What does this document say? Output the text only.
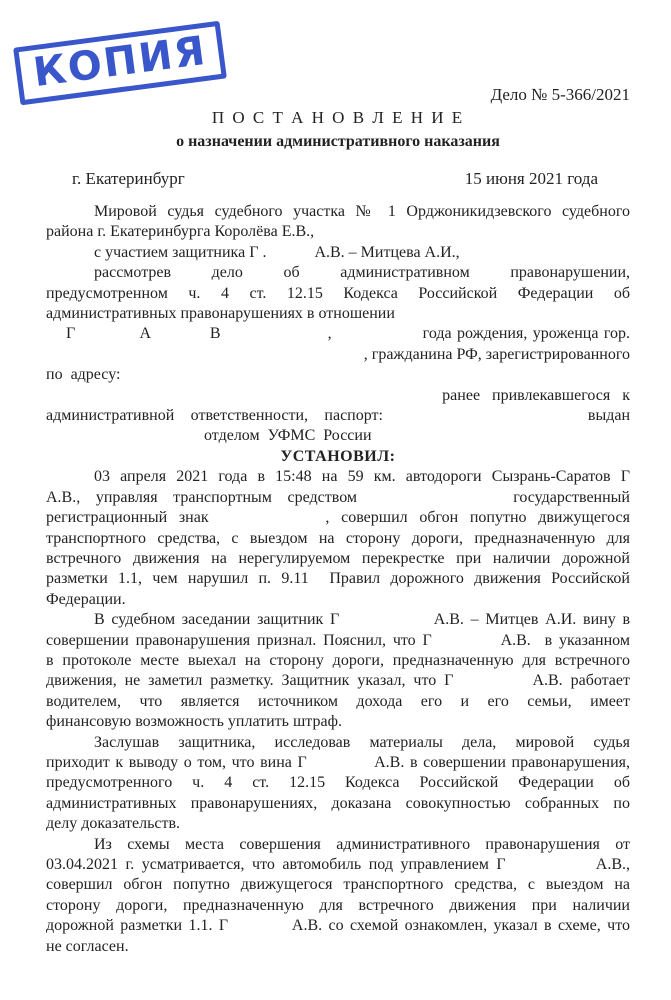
КОПИЯ	Дело № 5-366/2021
П О С Т А Н О В Л Е Н И Е
о назначении административного наказания
г. Екатеринбург	15 июня 2021 года
Мировой судья судебного участка № 1 Орджоникидзевского судебного
района г. Екатеринбурга Королёва Е.В.,
с участием защитника Г .            А.В. – Митцева А.И.,
рассмотрев  дело  об  административном  правонарушении,
предусмотренном  ч.  4  ст.  12.15  Кодекса  Российской  Федерации  об
административных правонарушениях в отношении
Г            А           В                    ,                 года рождения, уроженца гор.
, гражданина РФ, зарегистрированного
по  адресу:
ранее   привлекавшегося   к
административной  ответственности,  паспорт:                         выдан
отделом  УФМС  России
УСТАНОВИЛ:
03 апреля 2021 года в 15:48 на 59 км. автодороги Сызрань-Саратов Г
А.В.,  управляя  транспортным  средством                    государственный
регистрационный  знак                    ,  совершил  обгон  попутно  движущегося
транспортного средства, с выездом на сторону дороги, предназначенную для
встречного движения на нерегулируемом перекрестке при наличии дорожной
разметки 1.1, чем нарушил п. 9.11  Правил дорожного движения Российской
Федерации.
В судебном заседании защитник Г              А.В. – Митцев А.И. вину в
совершении правонарушения признал. Пояснил, что Г          А.В.  в указанном
в протоколе месте выехал на сторону дороги, предназначенную для встречного
движения, не заметил разметку. Защитник указал, что Г          А.В. работает
водителем,  что  является  источником  дохода  его  и  его  семьи,  имеет
финансовую возможность уплатить штраф.
Заслушав  защитника,  исследовав  материалы  дела,  мировой  судья
приходит к выводу о том, что вина Г            А.В. в совершении правонарушения,
предусмотренного  ч.  4  ст.  12.15  Кодекса  Российской  Федерации  об
административных правонарушениях, доказана совокупностью собранных по
делу доказательств.
Из  схемы  места  совершения  административного  правонарушения  от
03.04.2021 г. усматривается, что автомобиль под управлением Г            А.В.,
совершил обгон попутно движущегося транспортного средства, с выездом на
сторону  дороги,  предназначенную  для  встречного  движения  при  наличии
дорожной разметки 1.1. Г          А.В. со схемой ознакомлен, указал в схеме, что
не согласен.
